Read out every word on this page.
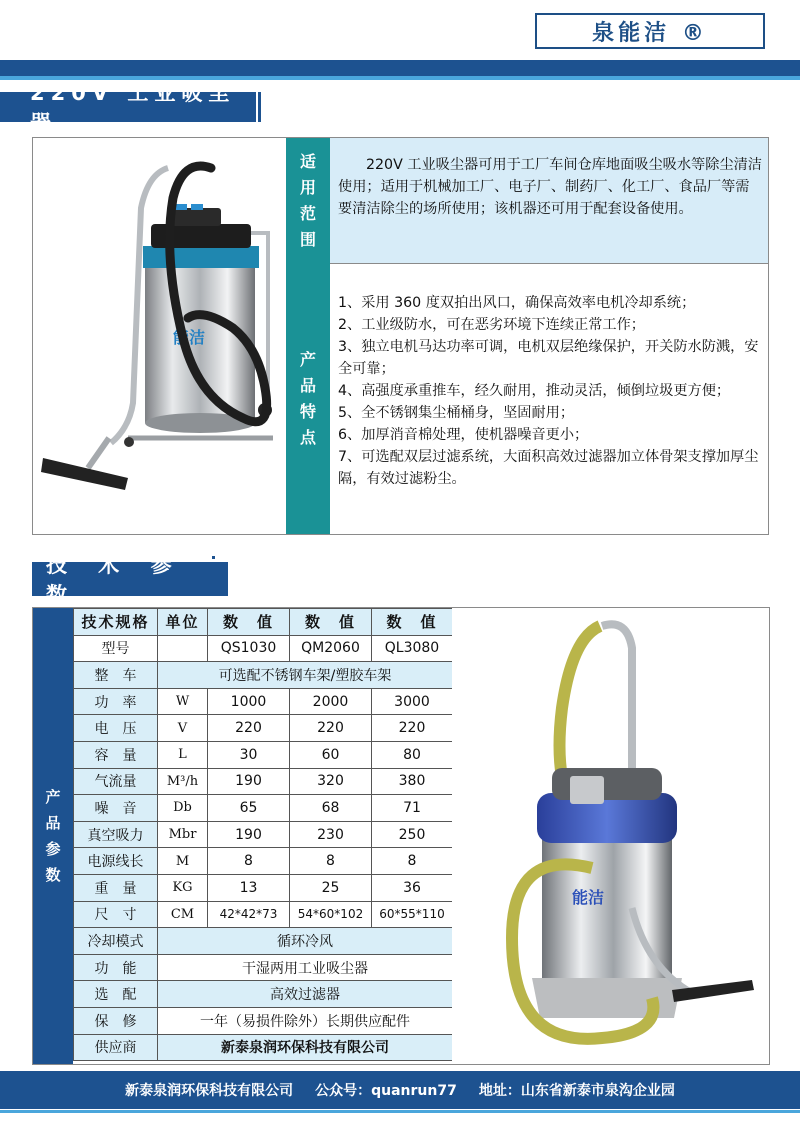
泉能洁 ®
220V 工业吸尘器
能洁
适
用
范
围
产
品
特
点
220V 工业吸尘器可用于工厂车间仓库地面吸尘吸水等除尘清洁使用；适用于机械加工厂、电子厂、制药厂、化工厂、食品厂等需要清洁除尘的场所使用；该机器还可用于配套设备使用。
1、采用 360 度双拍出风口，确保高效率电机冷却系统；
2、工业级防水，可在恶劣环境下连续正常工作；
3、独立电机马达功率可调，电机双层绝缘保护，开关防水防溅，安全可靠；
4、高强度承重推车，经久耐用，推动灵活，倾倒垃圾更方便；
5、全不锈钢集尘桶桶身，坚固耐用；
6、加厚消音棉处理，使机器噪音更小；
7、可选配双层过滤系统，大面积高效过滤器加立体骨架支撑加厚尘隔，有效过滤粉尘。
技 术 参 数
产
品
参
数
技术规格	单位	数　值	数　值	数　值
型号		QS1030	QM2060	QL3080
整　车	可选配不锈钢车架/塑胶车架			
功　率	W	1000	2000	3000
电　压	V	220	220	220
容　量	L	30	60	80
气流量	M³/h	190	320	380
噪　音	Db	65	68	71
真空吸力	Mbr	190	230	250
电源线长	M	8	8	8
重　量	KG	13	25	36
尺　寸	CM	42*42*73	54*60*102	60*55*110
冷却模式	循环冷风			
功　能	干湿两用工业吸尘器			
选　配	高效过滤器			
保　修	一年（易损件除外）长期供应配件			
供应商	新泰泉润环保科技有限公司			
能洁
新泰泉润环保科技有限公司 公众号：quanrun77 地址：山东省新泰市泉沟企业园
